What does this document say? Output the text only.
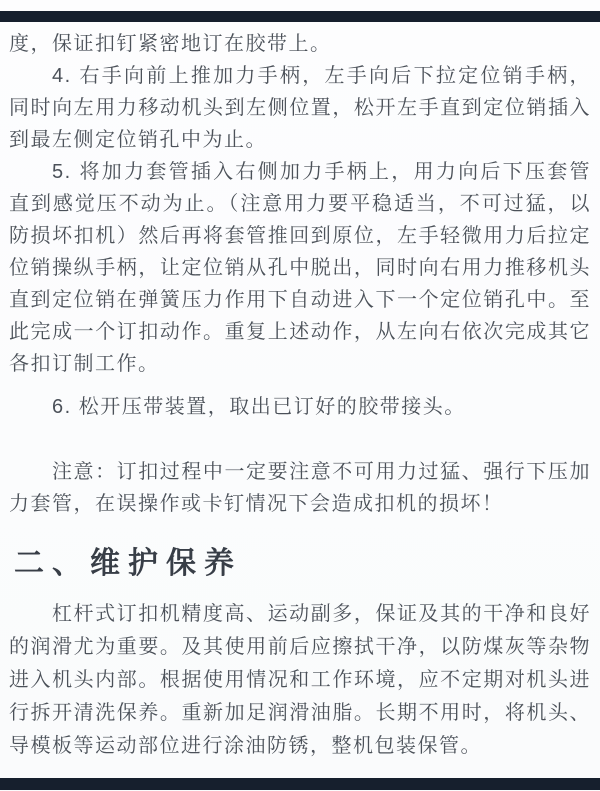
度，保证扣钉紧密地订在胶带上。

4. 右手向前上推加力手柄，左手向后下拉定位销手柄，同时向左用力移动机头到左侧位置，松开左手直到定位销插入到最左侧定位销孔中为止。

5. 将加力套管插入右侧加力手柄上，用力向后下压套管直到感觉压不动为止。（注意用力要平稳适当，不可过猛，以防损坏扣机）然后再将套管推回到原位，左手轻微用力后拉定位销操纵手柄，让定位销从孔中脱出，同时向右用力推移机头直到定位销在弹簧压力作用下自动进入下一个定位销孔中。至此完成一个订扣动作。重复上述动作，从左向右依次完成其它各扣订制工作。

6. 松开压带装置，取出已订好的胶带接头。

注意：订扣过程中一定要注意不可用力过猛、强行下压加力套管，在误操作或卡钉情况下会造成扣机的损坏！

二、维护保养

杠杆式订扣机精度高、运动副多，保证及其的干净和良好的润滑尤为重要。及其使用前后应擦拭干净，以防煤灰等杂物进入机头内部。根据使用情况和工作环境，应不定期对机头进行拆开清洗保养。重新加足润滑油脂。长期不用时，将机头、导模板等运动部位进行涂油防锈，整机包装保管。
